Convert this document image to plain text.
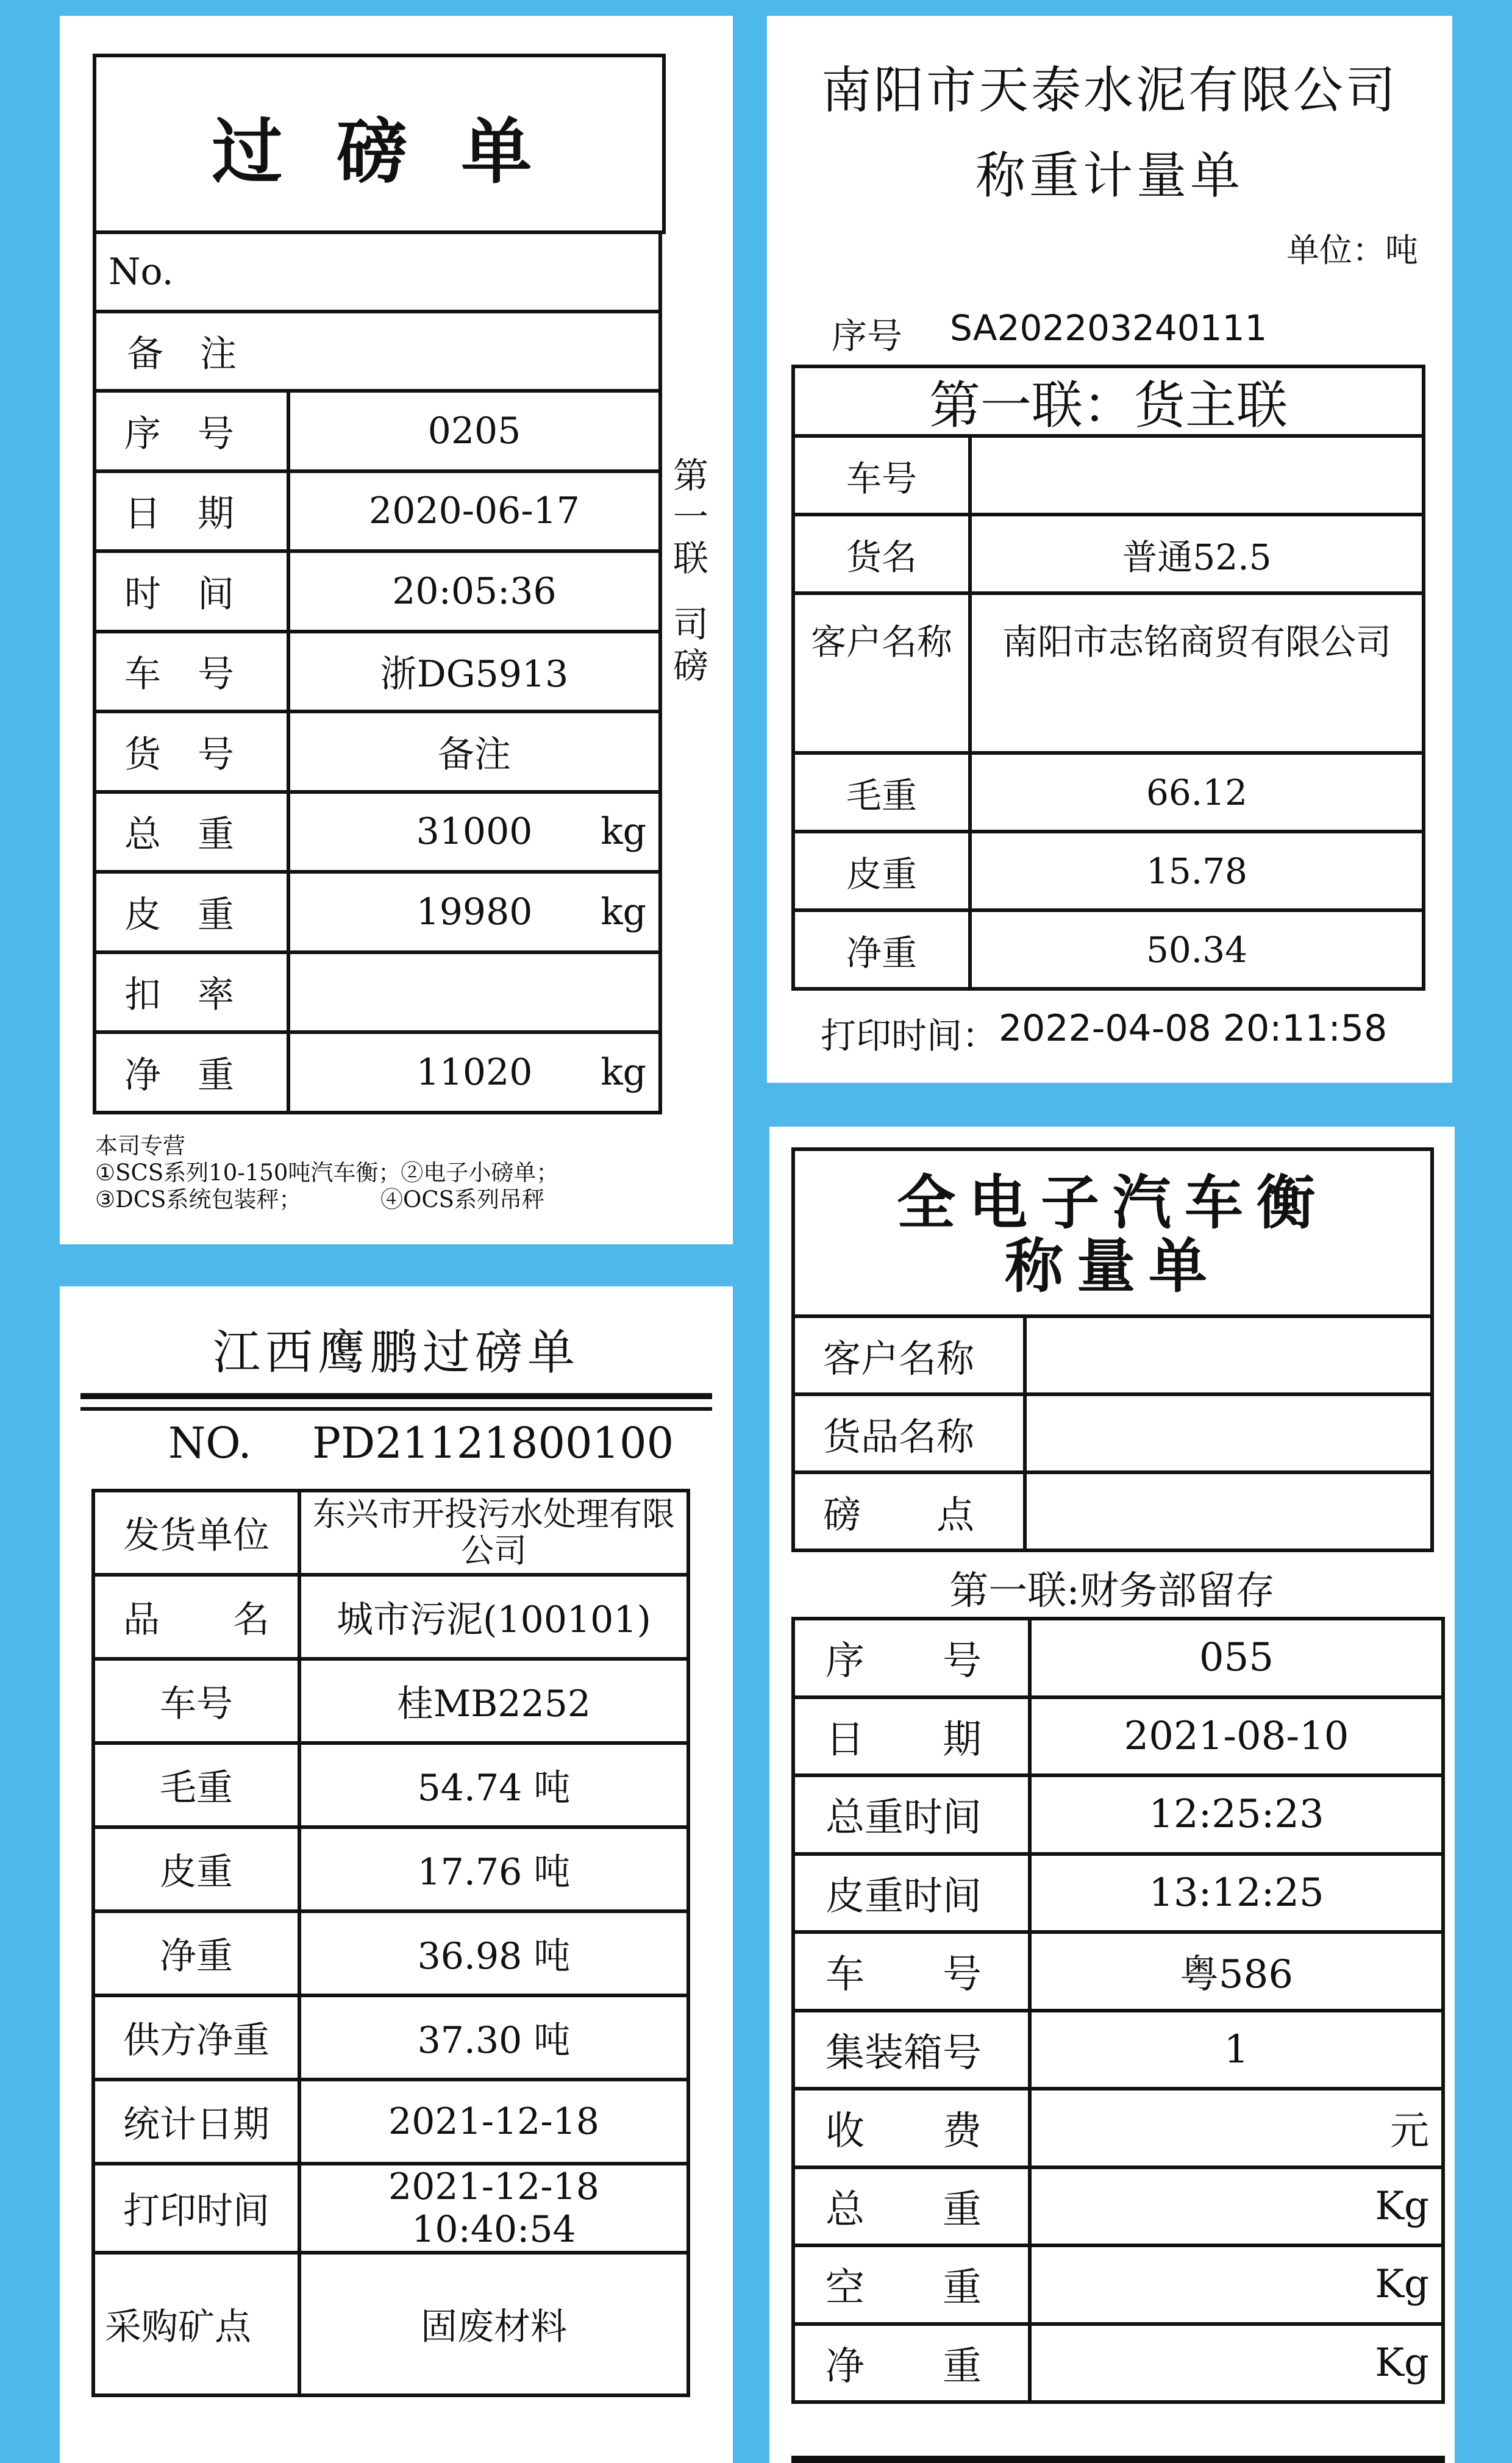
过 磅 单
No.	
备　注	
序　号	0205
日　期	2020-06-17
时　间	20:05:36
车　号	浙DG5913
货　号	备注
总　重	31000 kg

皮　重	19980 kg

扣　率	
净　重	11020 kg
第
一
联
司
磅
本司专营
①SCS系列10-150吨汽车衡；②电子小磅单；
③DCS系统包装秤；　　　　④OCS系列吊秤
南阳市天泰水泥有限公司
称重计量单
单位：吨
序号 SA202203240111
第一联：货主联
车号	
货名	普通52.5
客户名称	南阳市志铭商贸有限公司
毛重	66.12
皮重	15.78
净重	50.34
打印时间： 2022-04-08 20:11:58
江西鹰鹏过磅单
NO. PD21121800100
发货单位	东兴市开投污水处理有限公司
品　　名	城市污泥(100101)
车号	桂MB2252
毛重	54.74 吨
皮重	17.76 吨
净重	36.98 吨
供方净重	37.30 吨
统计日期	2021-12-18
打印时间	2021-12-18 10:40:54
采购矿点	固废材料
全电子汽车衡
称量单
客户名称	
货品名称	
磅　　点	
第一联:财务部留存
序　　号	055
日　　期	2021-08-10
总重时间	12:25:23
皮重时间	13:12:25
车　　号	粤586
集装箱号	1
收　　费	元

总　　重	Kg

空　　重	Kg

净　　重	Kg
